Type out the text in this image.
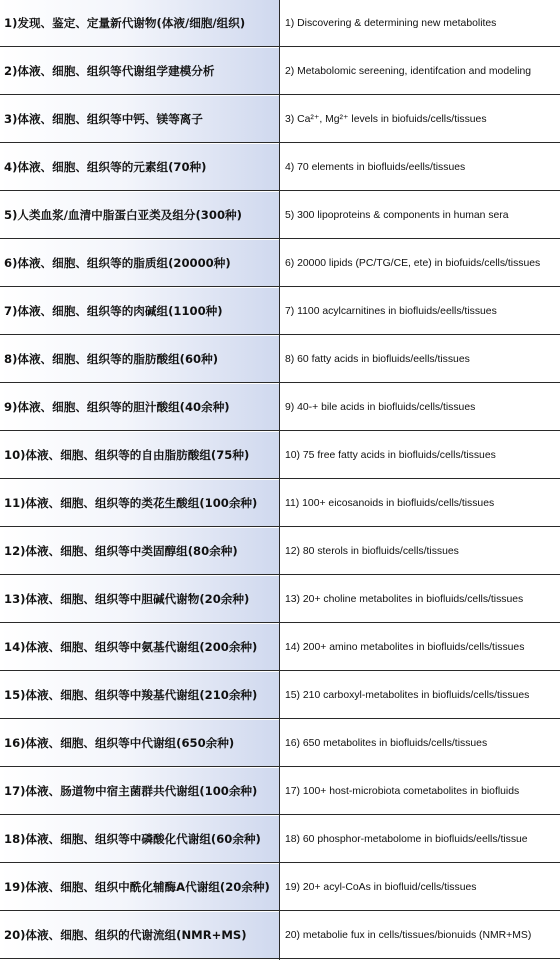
1)发现、鉴定、定量新代谢物(体液/细胞/组织)	1) Discovering & determining new metabolites
2)体液、细胞、组织等代谢组学建模分析	2) Metabolomic sereening, identifcation and modeling
3)体液、细胞、组织等中钙、镁等离子	3) Ca²⁺, Mg²⁺ levels in biofuids/cells/tissues
4)体液、细胞、组织等的元素组(70种)	4) 70 elements in biofluids/eells/tissues
5)人类血浆/血清中脂蛋白亚类及组分(300种)	5) 300 lipoproteins & components in human sera
6)体液、细胞、组织等的脂质组(20000种)	6) 20000 lipids (PC/TG/CE, ete) in biofuids/cells/tissues
7)体液、细胞、组织等的肉碱组(1100种)	7) 1100 acylcarnitines in biofluids/eells/tissues
8)体液、细胞、组织等的脂肪酸组(60种)	8) 60 fatty acids in biofluids/eells/tissues
9)体液、细胞、组织等的胆汁酸组(40余种)	9) 40-+ bile acids in biofluids/cells/tissues
10)体液、细胞、组织等的自由脂肪酸组(75种)	10) 75 free fatty acids in biofluids/cells/tissues
11)体液、细胞、组织等的类花生酸组(100余种)	11) 100+ eicosanoids in biofluids/cells/tissues
12)体液、细胞、组织等中类固醇组(80余种)	12) 80 sterols in biofluids/cells/tissues
13)体液、细胞、组织等中胆碱代谢物(20余种)	13) 20+ choline metabolites in biofluids/cells/tissues
14)体液、细胞、组织等中氨基代谢组(200余种)	14) 200+ amino metabolites in biofluids/cells/tissues
15)体液、细胞、组织等中羧基代谢组(210余种)	15) 210 carboxyl-metabolites in biofluids/cells/tissues
16)体液、细胞、组织等中代谢组(650余种)	16) 650 metabolites in biofluids/cells/tissues
17)体液、肠道物中宿主菌群共代谢组(100余种)	17) 100+ host-microbiota cometabolites in biofluids
18)体液、细胞、组织等中磷酸化代谢组(60余种)	18) 60 phosphor-metabolome in biofluids/eells/tissue
19)体液、细胞、组织中酰化辅酶A代谢组(20余种)	19) 20+ acyl-CoAs in biofluid/cells/tissues
20)体液、细胞、组织的代谢流组(NMR+MS)	20) metabolie fux in cells/tissues/bionuids (NMR+MS)
